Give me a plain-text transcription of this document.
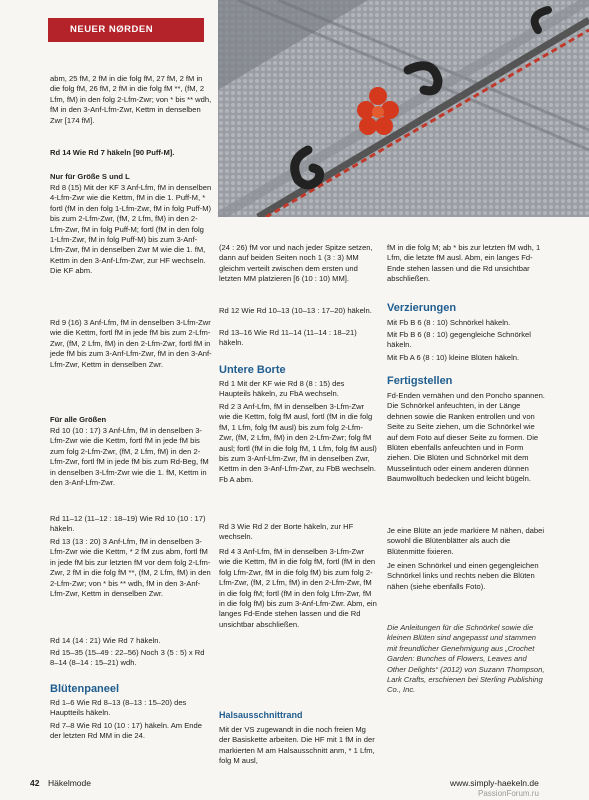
NEUER NØRDEN
abm, 25 fM, 2 fM in die folg fM, 27 fM, 2 fM in die folg fM, 26 fM, 2 fM in die folg fM **, (fM, 2 Lfm, fM) in den folg 2-Lfm-Zwr; von * bis ** wdh, fM in den 3-Anf-Lfm-Zwr, Kettm in denselben Zwr [174 fM].
Rd 14 Wie Rd 7 häkeln [90 Puff-M].
Nur für Größe S und L
Rd 8 (15) Mit der KF 3 Anf-Lfm, fM in denselben 4-Lfm-Zwr wie die Kettm, fM in die 1. Puff-M, * fortl (fM in den folg 1-Lfm-Zwr, fM in folg Puff-M) bis zum 2-Lfm-Zwr, (fM, 2 Lfm, fM) in den 2-Lfm-Zwr, fM in folg Puff-M; fortl (fM in den folg 1-Lfm-Zwr, fM in folg Puff-M) bis zum 3-Anf-Lfm-Zwr, fM in denselben Zwr M wie die 1. fM, Kettm in den 3-Anf-Lfm-Zwr, zur HF wechseln. Die KF abm.
Rd 9 (16) 3 Anf-Lfm, fM in denselben 3-Lfm-Zwr wie die Kettm, fortl fM in jede fM bis zum 2-Lfm-Zwr, (fM, 2 Lfm, fM) in den 2-Lfm-Zwr, fortl fM in jede fM bis zum 3-Anf-Lfm-Zwr, fM in den 3-Anf-Lfm-Zwr, Kettm in denselben Zwr.
Für alle Größen
Rd 10 (10 : 17) 3 Anf-Lfm, fM in denselben 3-Lfm-Zwr wie die Kettm, fortl fM in jede fM bis zum folg 2-Lfm-Zwr, (fM, 2 Lfm, fM) in den 2-Lfm-Zwr, fortl fM in jede fM bis zum Rd-Beg, fM in denselben 3-Lfm-Zwr wie die 1. fM, Kettm in den 3-Anf-Lfm-Zwr.
Rd 11–12 (11–12 : 18–19) Wie Rd 10 (10 : 17) häkeln.
Rd 13 (13 : 20) 3 Anf-Lfm, fM in denselben 3-Lfm-Zwr wie die Kettm, * 2 fM zus abm, fortl fM in jede fM bis zur letzten fM vor dem folg 2-Lfm-Zwr, 2 fM in die folg fM **, (fM, 2 Lfm, fM) in den 2-Lfm-Zwr; von * bis ** wdh, fM in den 3-Anf-Lfm-Zwr, Kettm in denselben Zwr.
Rd 14 (14 : 21) Wie Rd 7 häkeln.
Rd 15–35 (15–49 : 22–56) Noch 3 (5 : 5) x Rd 8–14 (8–14 : 15–21) wdh.
Blütenpaneel
Rd 1–6 Wie Rd 8–13 (8–13 : 15–20) des Hauptteils häkeln.
Rd 7–8 Wie Rd 10 (10 : 17) häkeln. Am Ende der letzten Rd MM in die 24.
(24 : 26) fM vor und nach jeder Spitze setzen, dann auf beiden Seiten noch 1 (3 : 3) MM gleichm verteilt zwischen dem ersten und letzten MM platzieren [6 (10 : 10) MM].
Rd 12 Wie Rd 10–13 (10–13 : 17–20) häkeln.
Rd 13–16 Wie Rd 11–14 (11–14 : 18–21) häkeln.
Untere Borte
Rd 1 Mit der KF wie Rd 8 (8 : 15) des Haupteils häkeln, zu FbA wechseln.
Rd 2 3 Anf-Lfm, fM in denselben 3-Lfm-Zwr wie die Kettm, folg fM ausl, fortl (fM in die folg fM, 1 Lfm, folg fM ausl) bis zum folg 2-Lfm-Zwr, (fM, 2 Lfm, fM) in den 2-Lfm-Zwr; folg fM ausl; fortl (fM in die folg fM, 1 Lfm, folg fM ausl) bis zum 3-Anf-Lfm-Zwr, fM in denselben Zwr, Kettm in den 3-Anf-Lfm-Zwr, zu FbB wechseln. Fb A abm.
Rd 3 Wie Rd 2 der Borte häkeln, zur HF wechseln.
Rd 4 3 Anf-Lfm, fM in denselben 3-Lfm-Zwr wie die Kettm, fM in die folg fM, fortl (fM in den folg Lfm-Zwr, fM in die folg fM) bis zum folg 2-Lfm-Zwr, (fM, 2 Lfm, fM) in den 2-Lfm-Zwr, fM in die folg fM; fortl (fM in den folg Lfm-Zwr, fM in die folg fM) bis zum 3-Anf-Lfm-Zwr. Abm, ein langes Fd-Ende stehen lassen und die Rd unsichtbar abschließen.
Halsausschnittrand
Mit der VS zugewandt in die noch freien Mg der Basiskette arbeiten. Die HF mit 1 fM in der markierten M am Halsausschnitt anm, * 1 Lfm, folg M ausl,
fM in die folg M; ab * bis zur letzten fM wdh, 1 Lfm, die letzte fM ausl. Abm, ein langes Fd-Ende stehen lassen und die Rd unsichtbar abschließen.
Verzierungen
Mit Fb B 6 (8 : 10) Schnörkel häkeln.
Mit Fb B 6 (8 : 10) gegengleiche Schnörkel häkeln.
Mit Fb A 6 (8 : 10) kleine Blüten häkeln.
Fertigstellen
Fd-Enden vernähen und den Poncho spannen. Die Schnörkel anfeuchten, in der Länge dehnen sowie die Ranken entrollen und von Seite zu Seite ziehen, um die Schnörkel wie auf dem Foto auf dieser Seite zu formen. Die Blüten ebenfalls anfeuchten und in Form ziehen. Die Blüten und Schnörkel mit dem Musselintuch oder einem anderen dünnen Baumwolltuch bedecken und leicht bügeln.
Je eine Blüte an jede markiere M nähen, dabei sowohl die Blütenblätter als auch die Blütenmitte fixieren.
Je einen Schnörkel und einen gegengleichen Schnörkel links und rechts neben die Blüten nähen (siehe ebenfalls Foto).
Die Anleitungen für die Schnörkel sowie die kleinen Blüten sind angepasst und stammen mit freundlicher Genehmigung aus „Crochet Garden: Bunches of Flowers, Leaves and Other Delights“ (2012) von Suzann Thompson, Lark Crafts, erschienen bei Sterling Publishing Co., Inc.
42 Häkelmode	www.simply-haekeln.de
PassionForum.ru
